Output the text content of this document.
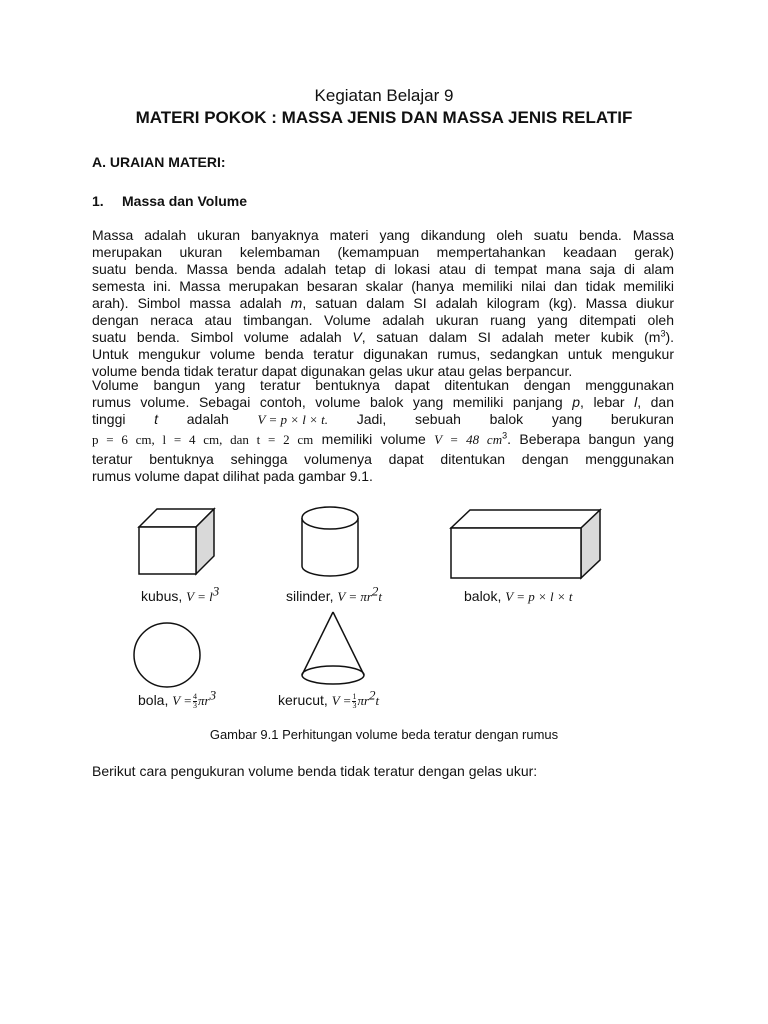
Kegiatan Belajar 9
MATERI POKOK : MASSA JENIS DAN MASSA JENIS RELATIF
A. URAIAN MATERI:
1. Massa dan Volume
Massa adalah ukuran banyaknya materi yang dikandung oleh suatu benda. Massa
merupakan ukuran kelembaman (kemampuan mempertahankan keadaan gerak)
suatu benda. Massa benda adalah tetap di lokasi atau di tempat mana saja di alam
semesta ini. Massa merupakan besaran skalar (hanya memiliki nilai dan tidak memiliki
arah). Simbol massa adalah m, satuan dalam SI adalah kilogram (kg). Massa diukur
dengan neraca atau timbangan. Volume adalah ukuran ruang yang ditempati oleh
suatu benda. Simbol volume adalah V, satuan dalam SI adalah meter kubik $(m^3)$.
Untuk mengukur volume benda teratur digunakan rumus, sedangkan untuk mengukur
volume benda tidak teratur dapat digunakan gelas ukur atau gelas berpancur.
Volume bangun yang teratur bentuknya dapat ditentukan dengan menggunakan
rumus volume. Sebagai contoh, volume balok yang memiliki panjang p, lebar l, dan
tinggi t adalah V = p × l × t. Jadi, sebuah balok yang berukuran
p = 6 cm, l = 4 cm, dan t = 2 cm memiliki volume V = 48 $cm^3$. Beberapa bangun yang
teratur bentuknya sehingga volumenya dapat ditentukan dengan menggunakan
rumus volume dapat dilihat pada gambar 9.1.
kubus, $V = l^3$	silinder, $V = \pi r^2t$	balok, V = p × l × t
bola, $V = \frac{4}{3} \pi r^3$	kerucut, $V = \frac{1}{3} \pi r^2t$
Gambar 9.1 Perhitungan volume beda teratur dengan rumus
Berikut cara pengukuran volume benda tidak teratur dengan gelas ukur:
